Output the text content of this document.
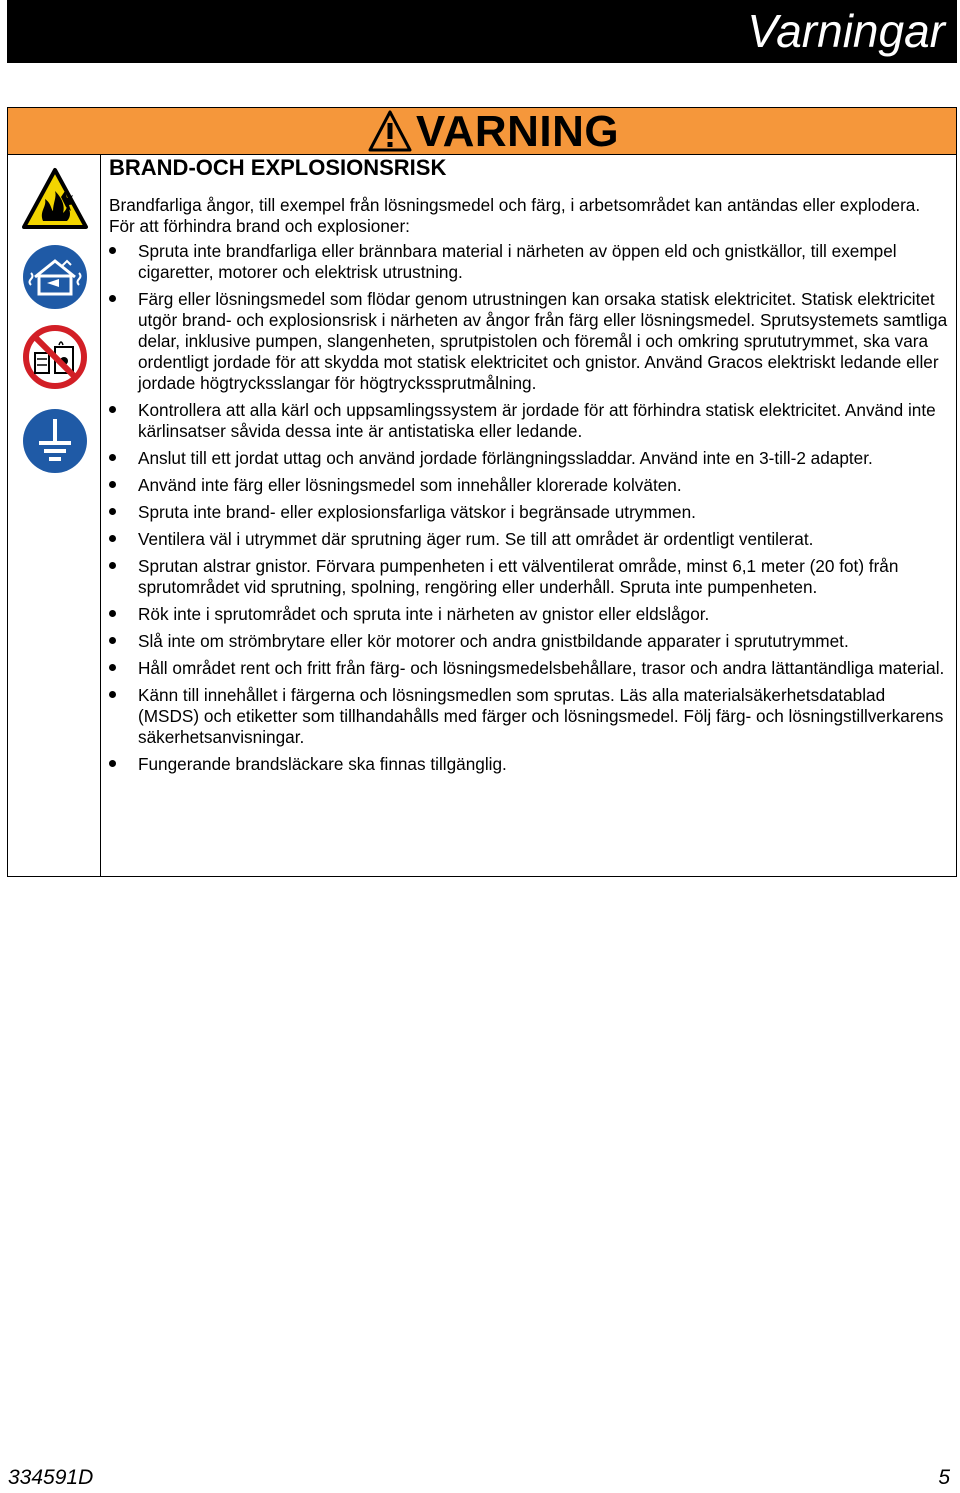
Varningar
VARNING
BRAND-OCH EXPLOSIONSRISK
Brandfarliga ångor, till exempel från lösningsmedel och färg, i arbetsområdet kan antändas eller explodera. För att förhindra brand och explosioner:
Spruta inte brandfarliga eller brännbara material i närheten av öppen eld och gnistkällor, till exempel cigaretter, motorer och elektrisk utrustning.
Färg eller lösningsmedel som flödar genom utrustningen kan orsaka statisk elektricitet. Statisk elektricitet utgör brand- och explosionsrisk i närheten av ångor från färg eller lösningsmedel. Sprutsystemets samtliga delar, inklusive pumpen, slangenheten, sprutpistolen och föremål i och omkring sprututrymmet, ska vara ordentligt jordade för att skydda mot statisk elektricitet och gnistor. Använd Gracos elektriskt ledande eller jordade högtrycksslangar för högtryckssprutmålning.
Kontrollera att alla kärl och uppsamlingssystem är jordade för att förhindra statisk elektricitet. Använd inte kärlinsatser såvida dessa inte är antistatiska eller ledande.
Anslut till ett jordat uttag och använd jordade förlängningssladdar. Använd inte en 3-till-2 adapter.
Använd inte färg eller lösningsmedel som innehåller klorerade kolväten.
Spruta inte brand- eller explosionsfarliga vätskor i begränsade utrymmen.
Ventilera väl i utrymmet där sprutning äger rum. Se till att området är ordentligt ventilerat.
Sprutan alstrar gnistor. Förvara pumpenheten i ett välventilerat område, minst 6,1 meter (20 fot) från sprutområdet vid sprutning, spolning, rengöring eller underhåll. Spruta inte pumpenheten.
Rök inte i sprutområdet och spruta inte i närheten av gnistor eller eldslågor.
Slå inte om strömbrytare eller kör motorer och andra gnistbildande apparater i sprututrymmet.
Håll området rent och fritt från färg- och lösningsmedelsbehållare, trasor och andra lättantändliga material.
Känn till innehållet i färgerna och lösningsmedlen som sprutas. Läs alla materialsäkerhetsdatablad (MSDS) och etiketter som tillhandahålls med färger och lösningsmedel. Följ färg- och lösningstillverkarens säkerhetsanvisningar.
Fungerande brandsläckare ska finnas tillgänglig.
334591D	5
